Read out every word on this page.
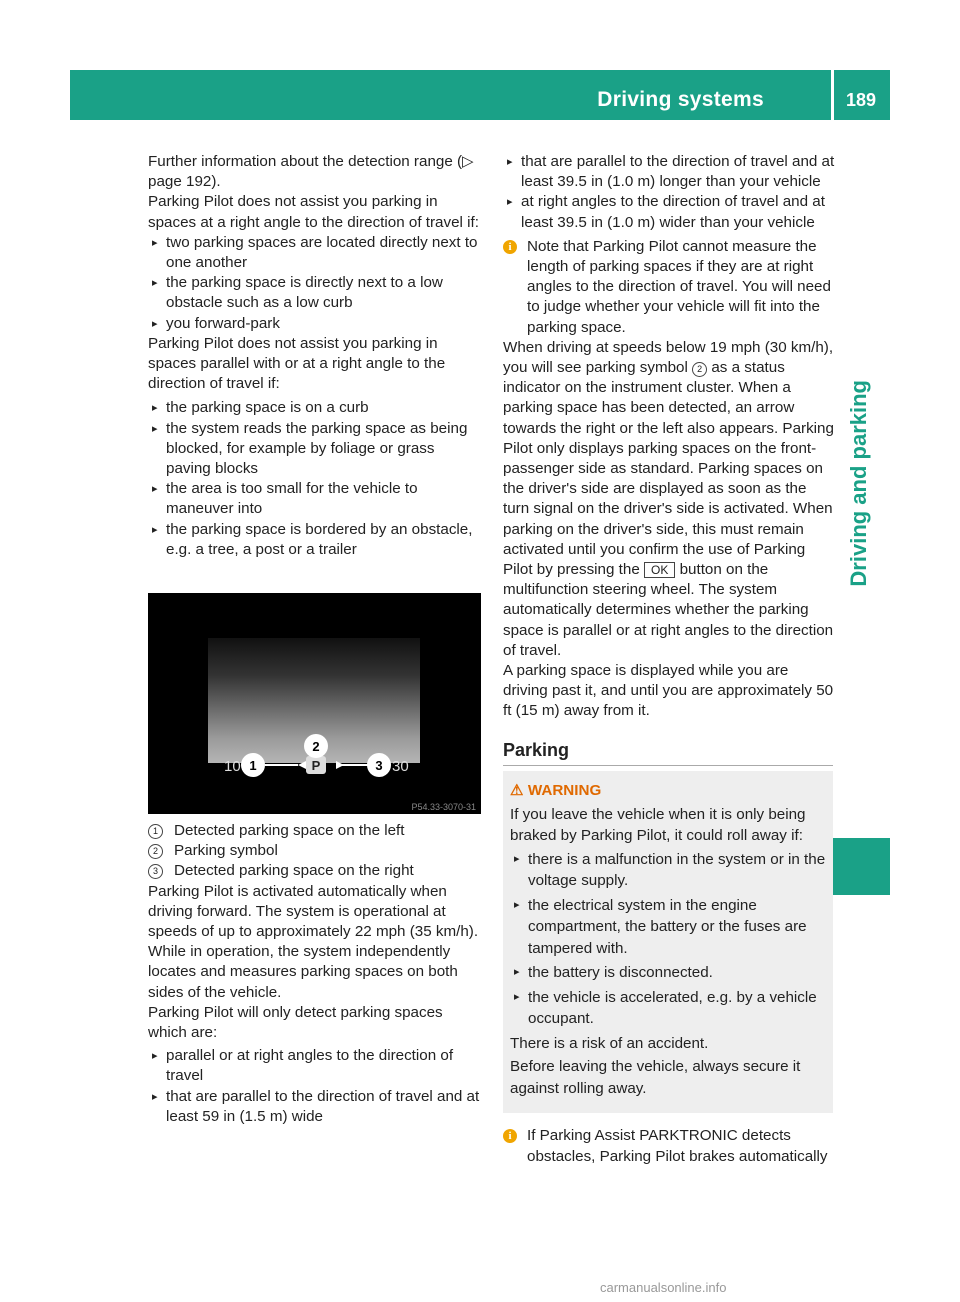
Driving systems	189
Driving and parking

Further information about the detection range (▷ page 192).

Parking Pilot does not assist you parking in spaces at a right angle to the direction of travel if:

▸ two parking spaces are located directly next to one another
▸ the parking space is directly next to a low obstacle such as a low curb
▸ you forward-park

Parking Pilot does not assist you parking in spaces parallel with or at a right angle to the direction of travel if:

▸ the parking space is on a curb
▸ the system reads the parking space as being blocked, for example by foliage or grass paving blocks
▸ the area is too small for the vehicle to maneuver into
▸ the parking space is bordered by an obstacle, e.g. a tree, a post or a trailer
P
1
2
3
10	30
P54.33-3070-31
1	Detected parking space on the left
2	Parking symbol
3	Detected parking space on the right

Parking Pilot is activated automatically when driving forward. The system is operational at speeds of up to approximately 22 mph (35 km/h). While in operation, the system independently locates and measures parking spaces on both sides of the vehicle.

Parking Pilot will only detect parking spaces which are:

▸ parallel or at right angles to the direction of travel
▸ that are parallel to the direction of travel and at least 59 in (1.5 m) wide
▸ that are parallel to the direction of travel and at least 39.5 in (1.0 m) longer than your vehicle
▸ at right angles to the direction of travel and at least 39.5 in (1.0 m) wider than your vehicle
i	Note that Parking Pilot cannot measure the length of parking spaces if they are at right angles to the direction of travel. You will need to judge whether your vehicle will fit into the parking space.

When driving at speeds below 19 mph (30 km/h), you will see parking symbol 2 as a status indicator on the instrument cluster. When a parking space has been detected, an arrow towards the right or the left also appears. Parking Pilot only displays parking spaces on the front-passenger side as standard. Parking spaces on the driver's side are displayed as soon as the turn signal on the driver's side is activated. When parking on the driver's side, this must remain activated until you confirm the use of Parking Pilot by pressing the OK button on the multifunction steering wheel. The system automatically determines whether the parking space is parallel or at right angles to the direction of travel.

A parking space is displayed while you are driving past it, and until you are approximately 50 ft (15 m) away from it.

Parking

⚠ WARNING

If you leave the vehicle when it is only being braked by Parking Pilot, it could roll away if:

▸ there is a malfunction in the system or in the voltage supply.
▸ the electrical system in the engine compartment, the battery or the fuses are tampered with.
▸ the battery is disconnected.
▸ the vehicle is accelerated, e.g. by a vehicle occupant.

There is a risk of an accident.

Before leaving the vehicle, always secure it against rolling away.

i	If Parking Assist PARKTRONIC detects obstacles, Parking Pilot brakes automatically
carmanualsonline.info
